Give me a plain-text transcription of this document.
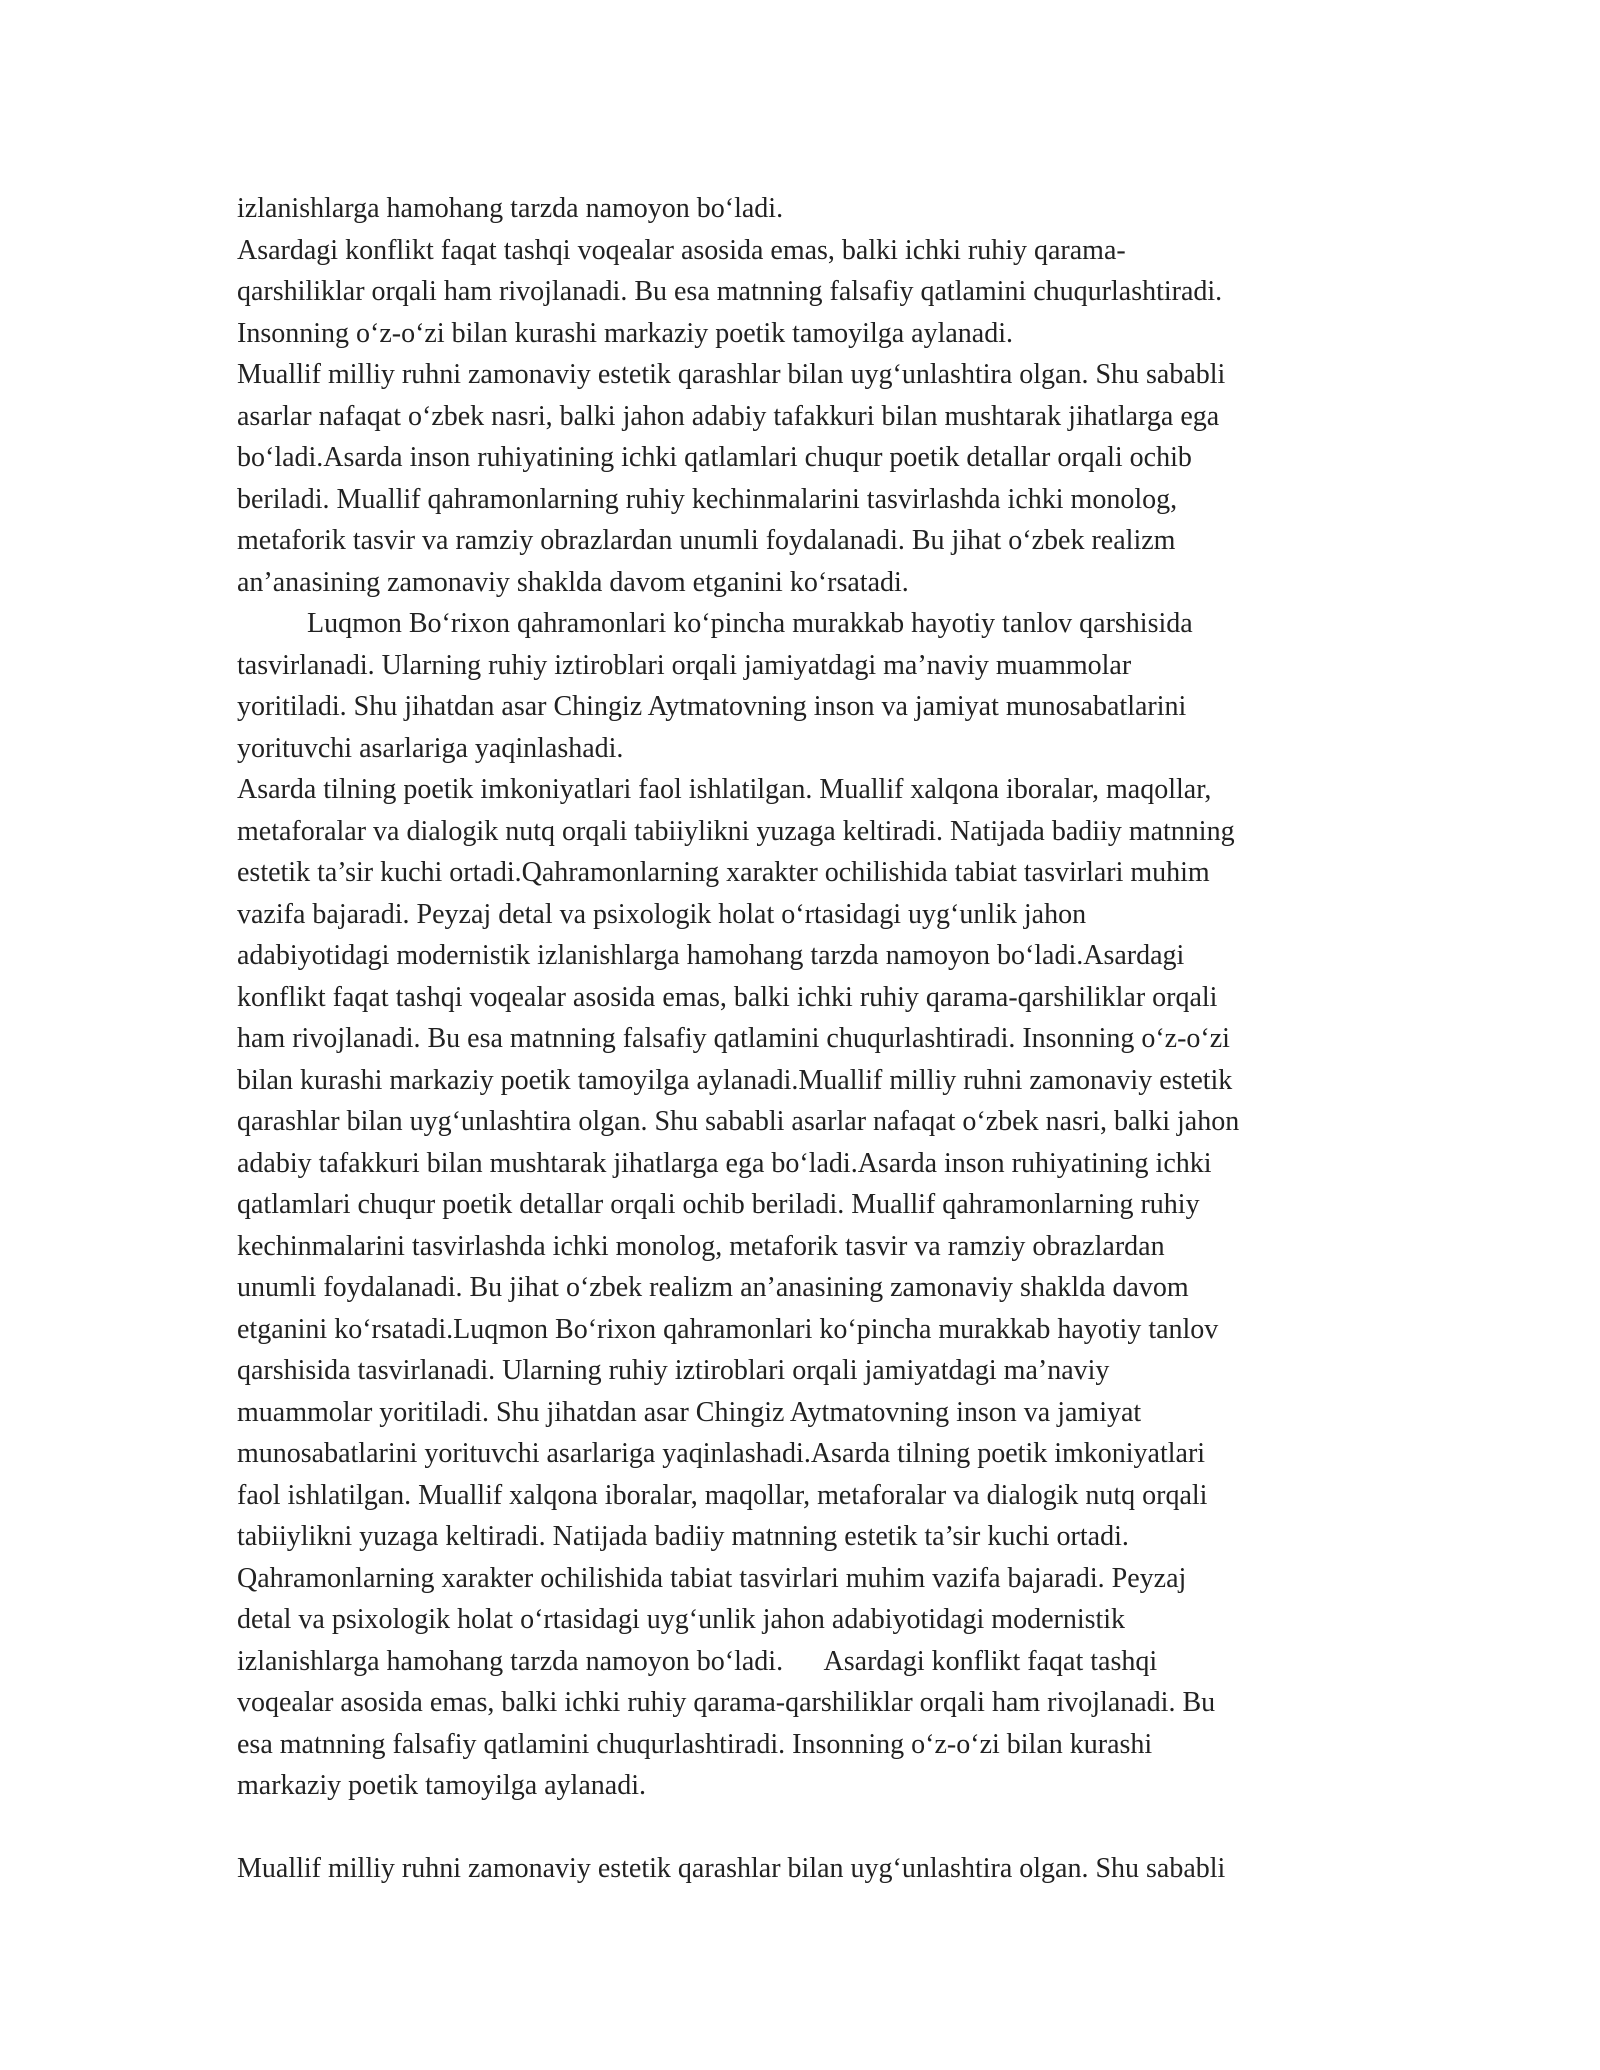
izlanishlarga hamohang tarzda namoyon boʻladi.
Asardagi konflikt faqat tashqi voqealar asosida emas, balki ichki ruhiy qarama-
qarshiliklar orqali ham rivojlanadi. Bu esa matnning falsafiy qatlamini chuqurlashtiradi.
Insonning oʻz-oʻzi bilan kurashi markaziy poetik tamoyilga aylanadi.
Muallif milliy ruhni zamonaviy estetik qarashlar bilan uygʻunlashtira olgan. Shu sababli
asarlar nafaqat oʻzbek nasri, balki jahon adabiy tafakkuri bilan mushtarak jihatlarga ega
boʻladi.Asarda inson ruhiyatining ichki qatlamlari chuqur poetik detallar orqali ochib
beriladi. Muallif qahramonlarning ruhiy kechinmalarini tasvirlashda ichki monolog,
metaforik tasvir va ramziy obrazlardan unumli foydalanadi. Bu jihat oʻzbek realizm
an’anasining zamonaviy shaklda davom etganini koʻrsatadi.
Luqmon Boʻrixon qahramonlari koʻpincha murakkab hayotiy tanlov qarshisida
tasvirlanadi. Ularning ruhiy iztiroblari orqali jamiyatdagi ma’naviy muammolar
yoritiladi. Shu jihatdan asar Chingiz Aytmatovning inson va jamiyat munosabatlarini
yorituvchi asarlariga yaqinlashadi.
Asarda tilning poetik imkoniyatlari faol ishlatilgan. Muallif xalqona iboralar, maqollar,
metaforalar va dialogik nutq orqali tabiiylikni yuzaga keltiradi. Natijada badiiy matnning
estetik ta’sir kuchi ortadi.Qahramonlarning xarakter ochilishida tabiat tasvirlari muhim
vazifa bajaradi. Peyzaj detal va psixologik holat oʻrtasidagi uygʻunlik jahon
adabiyotidagi modernistik izlanishlarga hamohang tarzda namoyon boʻladi.Asardagi
konflikt faqat tashqi voqealar asosida emas, balki ichki ruhiy qarama-qarshiliklar orqali
ham rivojlanadi. Bu esa matnning falsafiy qatlamini chuqurlashtiradi. Insonning oʻz-oʻzi
bilan kurashi markaziy poetik tamoyilga aylanadi.Muallif milliy ruhni zamonaviy estetik
qarashlar bilan uygʻunlashtira olgan. Shu sababli asarlar nafaqat oʻzbek nasri, balki jahon
adabiy tafakkuri bilan mushtarak jihatlarga ega boʻladi.Asarda inson ruhiyatining ichki
qatlamlari chuqur poetik detallar orqali ochib beriladi. Muallif qahramonlarning ruhiy
kechinmalarini tasvirlashda ichki monolog, metaforik tasvir va ramziy obrazlardan
unumli foydalanadi. Bu jihat oʻzbek realizm an’anasining zamonaviy shaklda davom
etganini koʻrsatadi.Luqmon Boʻrixon qahramonlari koʻpincha murakkab hayotiy tanlov
qarshisida tasvirlanadi. Ularning ruhiy iztiroblari orqali jamiyatdagi ma’naviy
muammolar yoritiladi. Shu jihatdan asar Chingiz Aytmatovning inson va jamiyat
munosabatlarini yorituvchi asarlariga yaqinlashadi.Asarda tilning poetik imkoniyatlari
faol ishlatilgan. Muallif xalqona iboralar, maqollar, metaforalar va dialogik nutq orqali
tabiiylikni yuzaga keltiradi. Natijada badiiy matnning estetik ta’sir kuchi ortadi.
Qahramonlarning xarakter ochilishida tabiat tasvirlari muhim vazifa bajaradi. Peyzaj
detal va psixologik holat oʻrtasidagi uygʻunlik jahon adabiyotidagi modernistik
izlanishlarga hamohang tarzda namoyon boʻladi.      Asardagi konflikt faqat tashqi
voqealar asosida emas, balki ichki ruhiy qarama-qarshiliklar orqali ham rivojlanadi. Bu
esa matnning falsafiy qatlamini chuqurlashtiradi. Insonning oʻz-oʻzi bilan kurashi
markaziy poetik tamoyilga aylanadi.
Muallif milliy ruhni zamonaviy estetik qarashlar bilan uygʻunlashtira olgan. Shu sababli
